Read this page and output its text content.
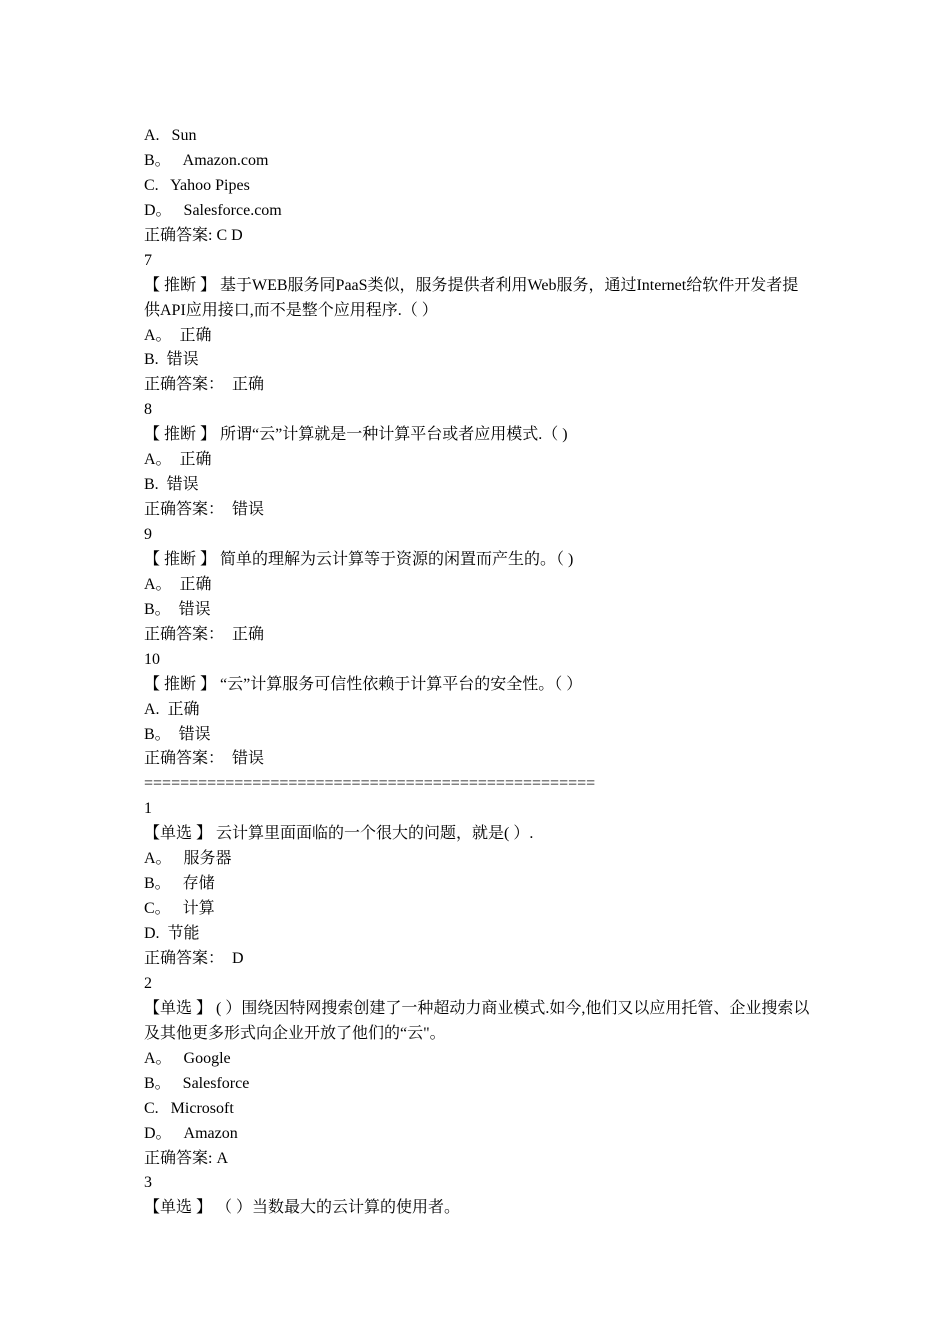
A.   Sun
B。   Amazon.com
C.   Yahoo Pipes
D。   Salesforce.com
正确答案: C D
7
【 推断 】 基于WEB服务同PaaS类似，服务提供者利用Web服务，通过Internet给软件开发者提供API应用接口,而不是整个应用程序.（ ）
A。  正确
B.  错误
正确答案：  正确
8
【 推断 】 所谓“云”计算就是一种计算平台或者应用模式.（ )
A。  正确
B.  错误
正确答案：  错误
9
【 推断 】 简单的理解为云计算等于资源的闲置而产生的。（ )
A。  正确
B。  错误
正确答案：  正确
10
【 推断 】 “云”计算服务可信性依赖于计算平台的安全性。（ ）
A.  正确
B。  错误
正确答案：  错误
==================================================
1
【单选 】 云计算里面面临的一个很大的问题，就是( ）.
A。   服务器
B。   存储
C。   计算
D.  节能
正确答案：  D
2
【单选 】 ( ）围绕因特网搜索创建了一种超动力商业模式.如今,他们又以应用托管、企业搜索以及其他更多形式向企业开放了他们的“云"。
A。   Google
B。   Salesforce
C.   Microsoft
D。   Amazon
正确答案: A
3
【单选 】 （ ）当数最大的云计算的使用者。
